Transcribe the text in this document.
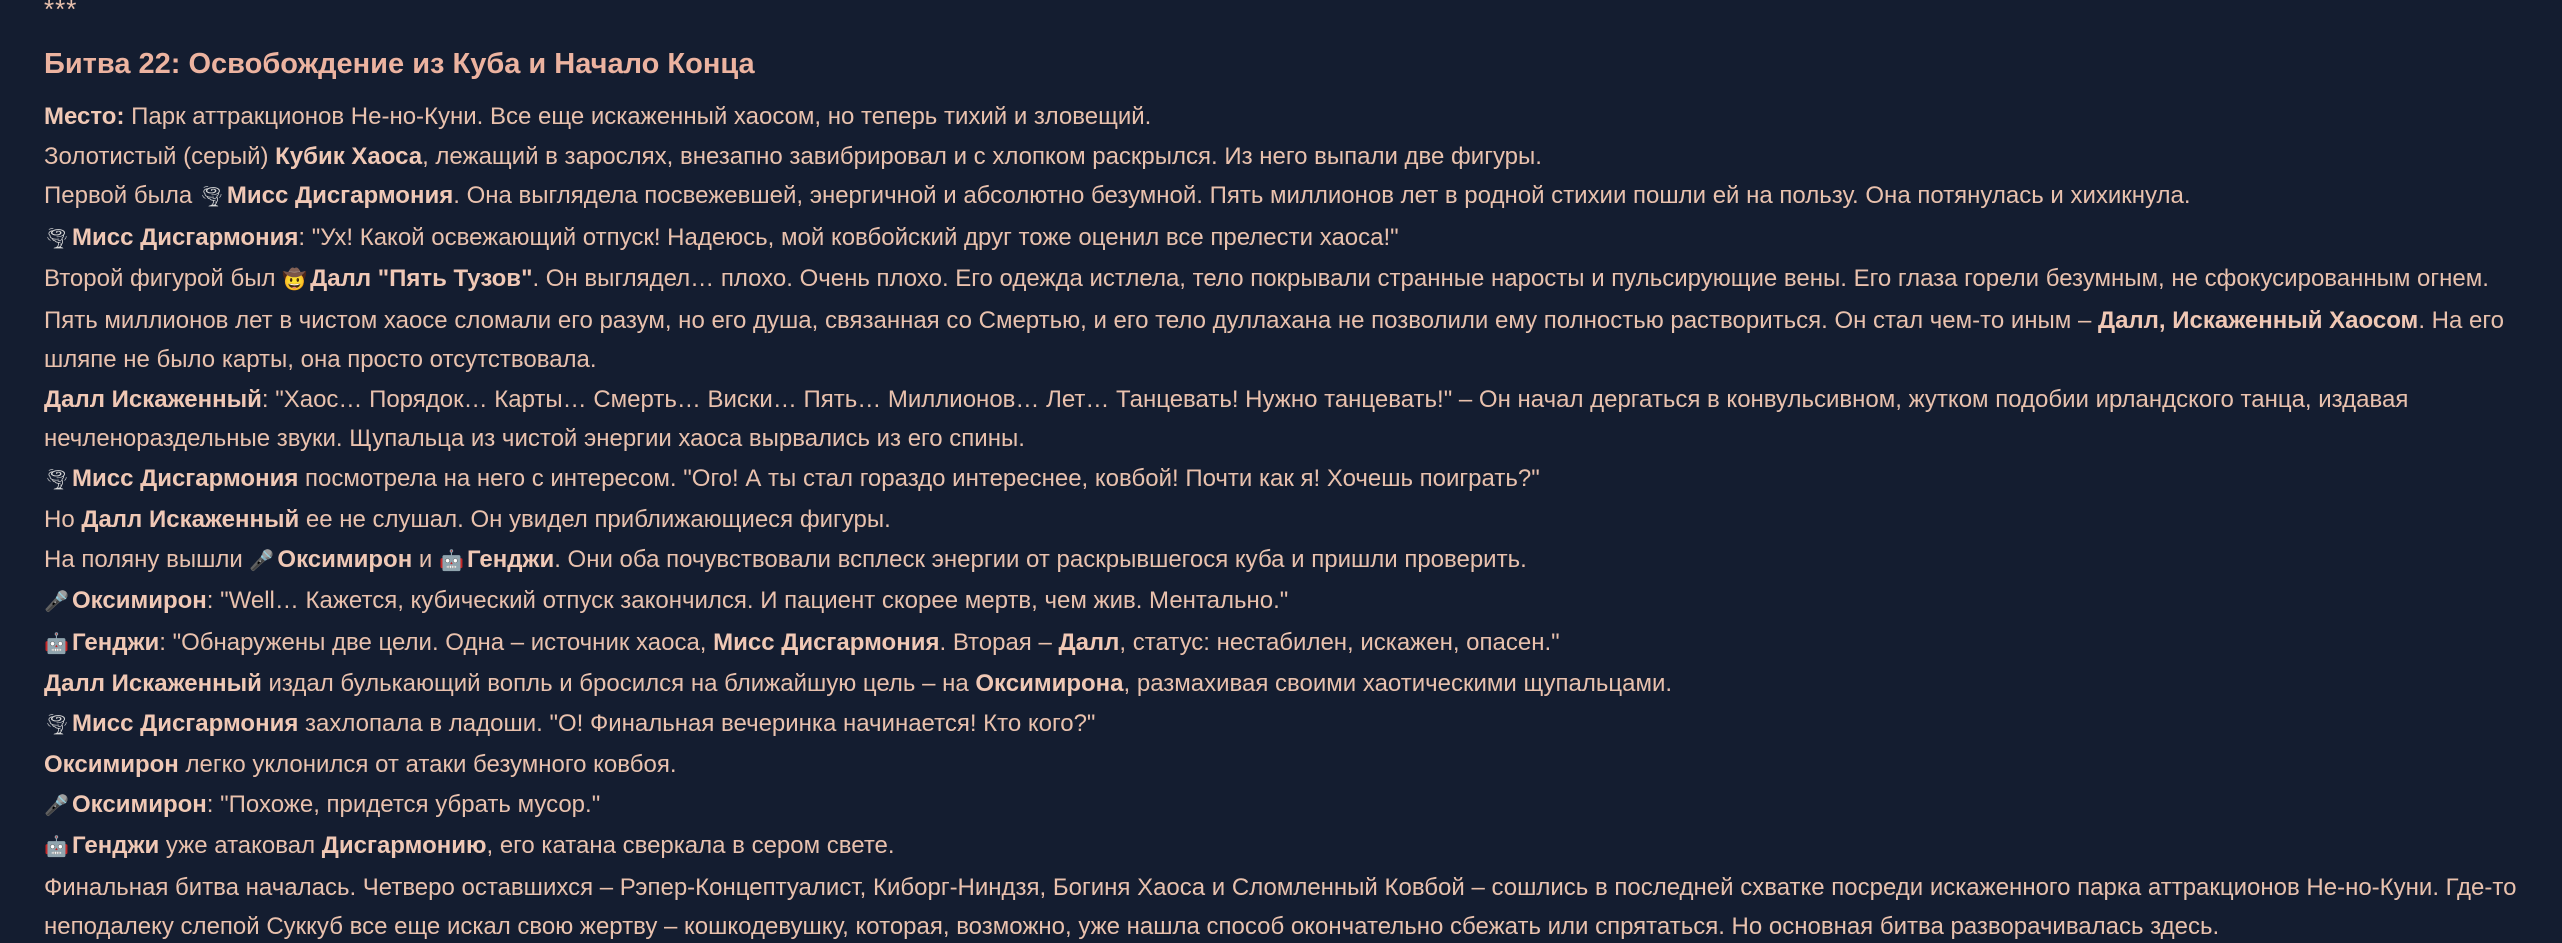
***
Битва 22: Освобождение из Куба и Начало Конца

Место: Парк аттракционов Не-но-Куни. Все еще искаженный хаосом, но теперь тихий и зловещий.

Золотистый (серый) Кубик Хаоса, лежащий в зарослях, внезапно завибрировал и с хлопком раскрылся. Из него выпали две фигуры.

Первой была 🌪 Мисс Дисгармония. Она выглядела посвежевшей, энергичной и абсолютно безумной. Пять миллионов лет в родной стихии пошли ей на пользу. Она потянулась и хихикнула.

🌪 Мисс Дисгармония: "Ух! Какой освежающий отпуск! Надеюсь, мой ковбойский друг тоже оценил все прелести хаоса!"

Второй фигурой был 🤠 Далл "Пять Тузов". Он выглядел… плохо. Очень плохо. Его одежда истлела, тело покрывали странные наросты и пульсирующие вены. Его глаза горели безумным, не сфокусированным огнем. Пять миллионов лет в чистом хаосе сломали его разум, но его душа, связанная со Смертью, и его тело дуллахана не позволили ему полностью раствориться. Он стал чем-то иным – Далл, Искаженный Хаосом. На его шляпе не было карты, она просто отсутствовала.

Далл Искаженный: "Хаос… Порядок… Карты… Смерть… Виски… Пять… Миллионов… Лет… Танцевать! Нужно танцевать!" – Он начал дергаться в конвульсивном, жутком подобии ирландского танца, издавая нечленораздельные звуки. Щупальца из чистой энергии хаоса вырвались из его спины.

🌪 Мисс Дисгармония посмотрела на него с интересом. "Ого! А ты стал гораздо интереснее, ковбой! Почти как я! Хочешь поиграть?"

Но Далл Искаженный ее не слушал. Он увидел приближающиеся фигуры.

На поляну вышли 🎤 Оксимирон и 🤖 Генджи. Они оба почувствовали всплеск энергии от раскрывшегося куба и пришли проверить.

🎤 Оксимирон: "Well… Кажется, кубический отпуск закончился. И пациент скорее мертв, чем жив. Ментально."

🤖 Генджи: "Обнаружены две цели. Одна – источник хаоса, Мисс Дисгармония. Вторая – Далл, статус: нестабилен, искажен, опасен."

Далл Искаженный издал булькающий вопль и бросился на ближайшую цель – на Оксимирона, размахивая своими хаотическими щупальцами.

🌪 Мисс Дисгармония захлопала в ладоши. "О! Финальная вечеринка начинается! Кто кого?"

Оксимирон легко уклонился от атаки безумного ковбоя.

🎤 Оксимирон: "Похоже, придется убрать мусор."

🤖 Генджи уже атаковал Дисгармонию, его катана сверкала в сером свете.

Финальная битва началась. Четверо оставшихся – Рэпер-Концептуалист, Киборг-Ниндзя, Богиня Хаоса и Сломленный Ковбой – сошлись в последней схватке посреди искаженного парка аттракционов Не-но-Куни. Где-то неподалеку слепой Суккуб все еще искал свою жертву – кошкодевушку, которая, возможно, уже нашла способ окончательно сбежать или спрятаться. Но основная битва разворачивалась здесь.
